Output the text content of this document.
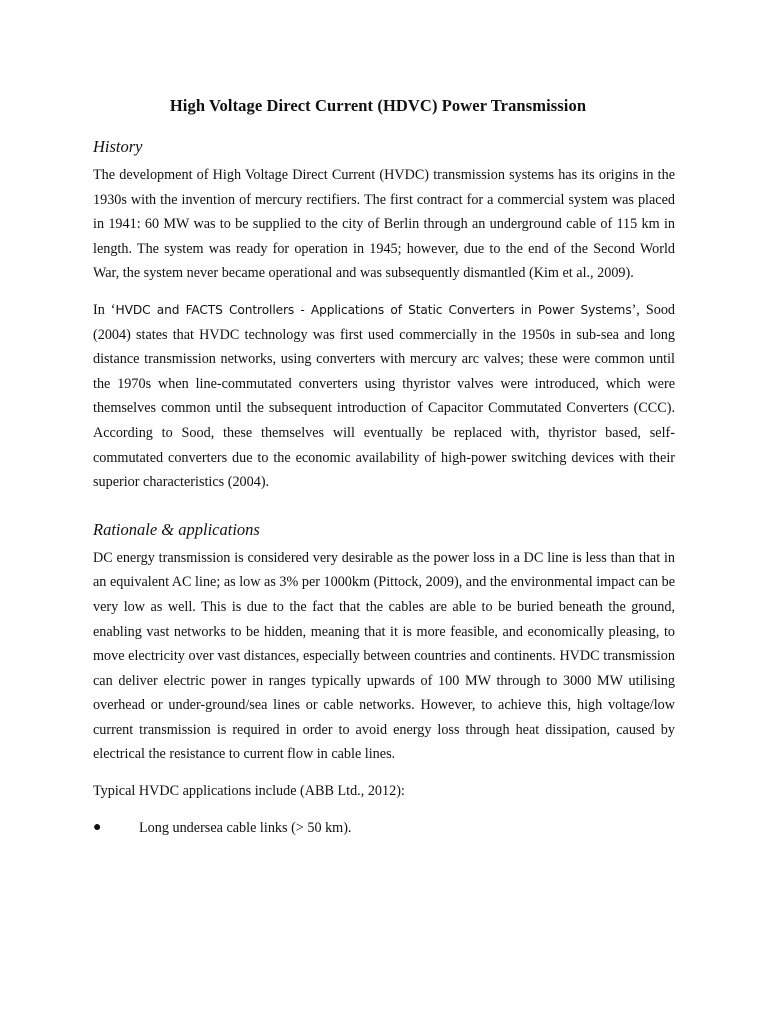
High Voltage Direct Current (HDVC) Power Transmission
History

The development of High Voltage Direct Current (HVDC) transmission systems has its origins in the 1930s with the invention of mercury rectifiers. The first contract for a commercial system was placed in 1941: 60 MW was to be supplied to the city of Berlin through an underground cable of 115 km in length. The system was ready for operation in 1945; however, due to the end of the Second World War, the system never became operational and was subsequently dismantled (Kim et al., 2009).

In ‘HVDC and FACTS Controllers - Applications of Static Converters in Power Systems’, Sood (2004) states that HVDC technology was first used commercially in the 1950s in sub-sea and long distance transmission networks, using converters with mercury arc valves; these were common until the 1970s when line-commutated converters using thyristor valves were introduced, which were themselves common until the subsequent introduction of Capacitor Commutated Converters (CCC). According to Sood, these themselves will eventually be replaced with, thyristor based, self-commutated converters due to the economic availability of high-power switching devices with their superior characteristics (2004).

Rationale & applications

DC energy transmission is considered very desirable as the power loss in a DC line is less than that in an equivalent AC line; as low as 3% per 1000km (Pittock, 2009), and the environmental impact can be very low as well. This is due to the fact that the cables are able to be buried beneath the ground, enabling vast networks to be hidden, meaning that it is more feasible, and economically pleasing, to move electricity over vast distances, especially between countries and continents. HVDC transmission can deliver electric power in ranges typically upwards of 100 MW through to 3000 MW utilising overhead or under-ground/sea lines or cable networks. However, to achieve this, high voltage/low current transmission is required in order to avoid energy loss through heat dissipation, caused by electrical the resistance to current flow in cable lines.

Typical HVDC applications include (ABB Ltd., 2012):

●	Long undersea cable links (> 50 km).
